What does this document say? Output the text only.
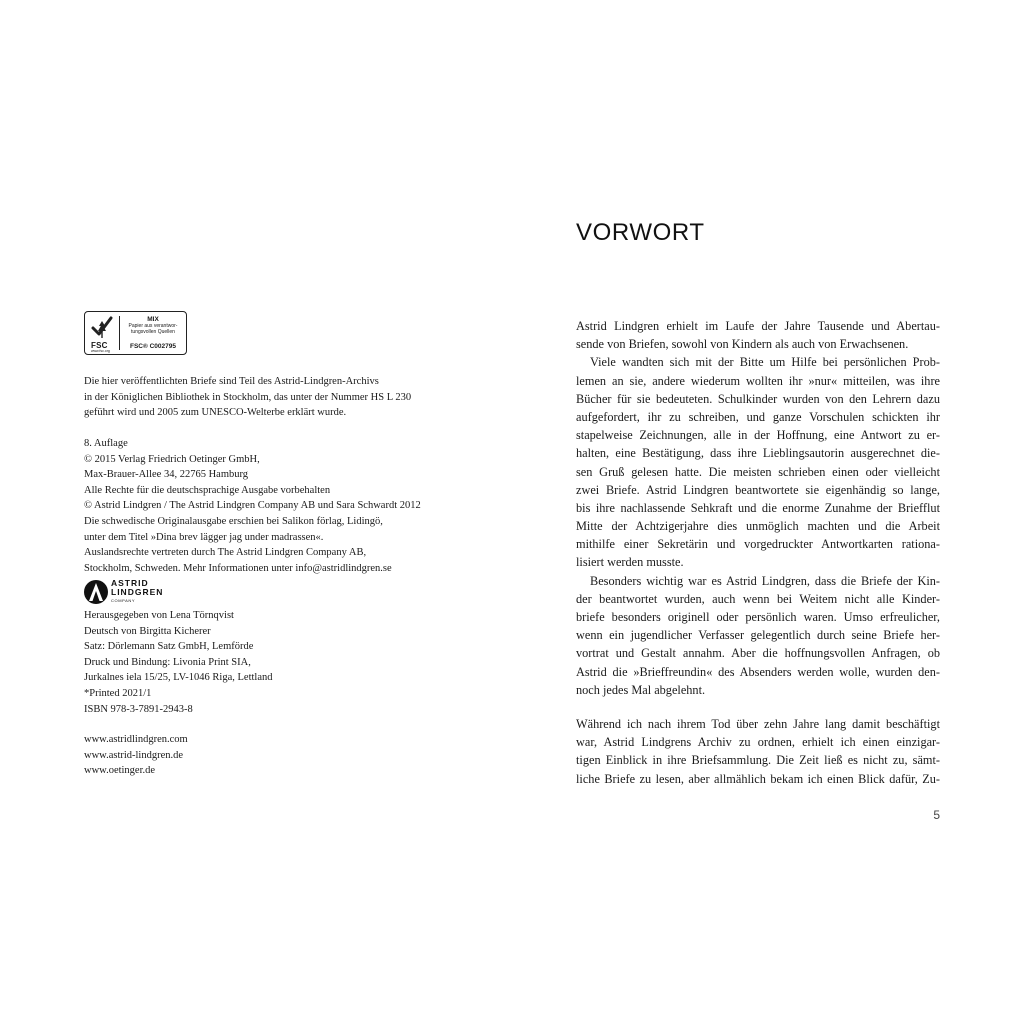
FSC
www.fsc.org
MIX
Papier aus verantwor-
tungsvollen Quellen
FSC® C002795
Die hier veröffentlichten Briefe sind Teil des Astrid-Lindgren-Archivs
in der Königlichen Bibliothek in Stockholm, das unter der Nummer HS L 230
geführt wird und 2005 zum UNESCO-Welterbe erklärt wurde.
8. Auflage
© 2015 Verlag Friedrich Oetinger GmbH,
Max-Brauer-Allee 34, 22765 Hamburg
Alle Rechte für die deutschsprachige Ausgabe vorbehalten
© Astrid Lindgren / The Astrid Lindgren Company AB und Sara Schwardt 2012
Die schwedische Originalausgabe erschien bei Salikon förlag, Lidingö,
unter dem Titel »Dina brev lägger jag under madrassen«.
Auslandsrechte vertreten durch The Astrid Lindgren Company AB,
Stockholm, Schweden. Mehr Informationen unter info@astridlindgren.se
ASTRID
LINDGREN
COMPANY
Herausgegeben von Lena Törnqvist
Deutsch von Birgitta Kicherer
Satz: Dörlemann Satz GmbH, Lemförde
Druck und Bindung: Livonia Print SIA,
Jurkalnes iela 15/25, LV-1046 Riga, Lettland
*Printed 2021/1
ISBN 978-3-7891-2943-8
www.astridlindgren.com
www.astrid-lindgren.de
www.oetinger.de
VORWORT
Astrid Lindgren erhielt im Laufe der Jahre Tausende und Abertau-
sende von Briefen, sowohl von Kindern als auch von Erwachsenen.
Viele wandten sich mit der Bitte um Hilfe bei persönlichen Prob-
lemen an sie, andere wiederum wollten ihr »nur« mitteilen, was ihre
Bücher für sie bedeuteten. Schulkinder wurden von den Lehrern dazu
aufgefordert, ihr zu schreiben, und ganze Vorschulen schickten ihr
stapelweise Zeichnungen, alle in der Hoffnung, eine Antwort zu er-
halten, eine Bestätigung, dass ihre Lieblingsautorin ausgerechnet die-
sen Gruß gelesen hatte. Die meisten schrieben einen oder vielleicht
zwei Briefe. Astrid Lindgren beantwortete sie eigenhändig so lange,
bis ihre nachlassende Sehkraft und die enorme Zunahme der Briefflut
Mitte der Achtzigerjahre dies unmöglich machten und die Arbeit
mithilfe einer Sekretärin und vorgedruckter Antwortkarten rationa-
lisiert werden musste.
Besonders wichtig war es Astrid Lindgren, dass die Briefe der Kin-
der beantwortet wurden, auch wenn bei Weitem nicht alle Kinder-
briefe besonders originell oder persönlich waren. Umso erfreulicher,
wenn ein jugendlicher Verfasser gelegentlich durch seine Briefe her-
vortrat und Gestalt annahm. Aber die hoffnungsvollen Anfragen, ob
Astrid die »Brieffreundin« des Absenders werden wolle, wurden den-
noch jedes Mal abgelehnt.
Während ich nach ihrem Tod über zehn Jahre lang damit beschäftigt
war, Astrid Lindgrens Archiv zu ordnen, erhielt ich einen einzigar-
tigen Einblick in ihre Briefsammlung. Die Zeit ließ es nicht zu, sämt-
liche Briefe zu lesen, aber allmählich bekam ich einen Blick dafür, Zu-
5
